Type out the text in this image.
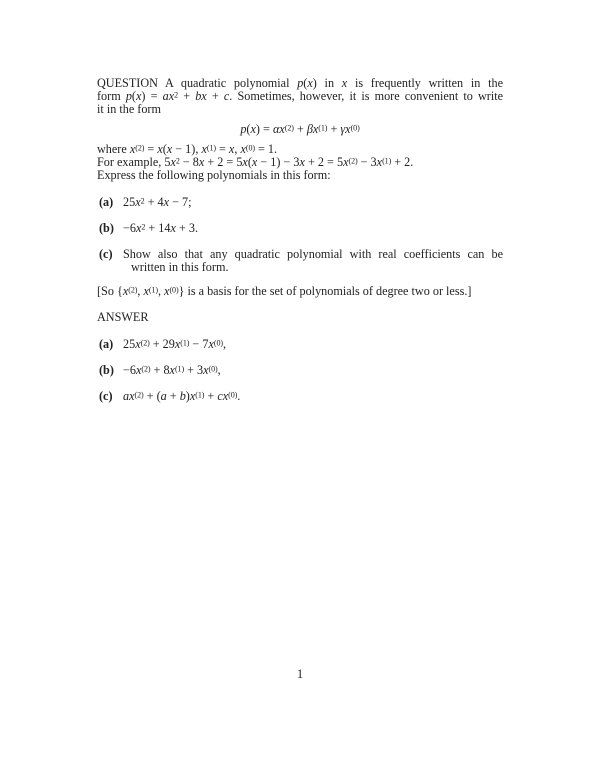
QUESTION A quadratic polynomial p(x) in x is frequently written in the
form $p(x) = ax^2$ + bx + c. Sometimes, however, it is more convenient to write
it in the form
$p(x) = \alpha x^{(2)} + \beta x^{(1)} + \gamma x^{(0)}$
where $x^{(2)} = x(x - 1)$, $x^{(1)} = x$, $x^{(0)} = 1$.
For example, $5x^2 - 8x + 2 = 5x(x - 1) - 3x + 2 = 5x^{(2)} - 3x^{(1)} + 2$.
Express the following polynomials in this form:
(a) $25x^2 + 4x - 7$;
$(b) -6x^2 + 14x + 3$.
(c) Show also that any quadratic polynomial with real coefficients can be
written in this form.
[So {$x^{(2)}$, $x^{(1)}$, $x^{(0)}$} is a basis for the set of polynomials of degree two or less.]
ANSWER
(a) $25x^{(2)} + 29x^{(1)} - 7x^{(0)}$,
$(b) -6x^{(2)} + 8x^{(1)} + 3x^{(0)}$,
(c) $ax^{(2)} + (a + b)x^{(1)} + cx^{(0)}$.
1
